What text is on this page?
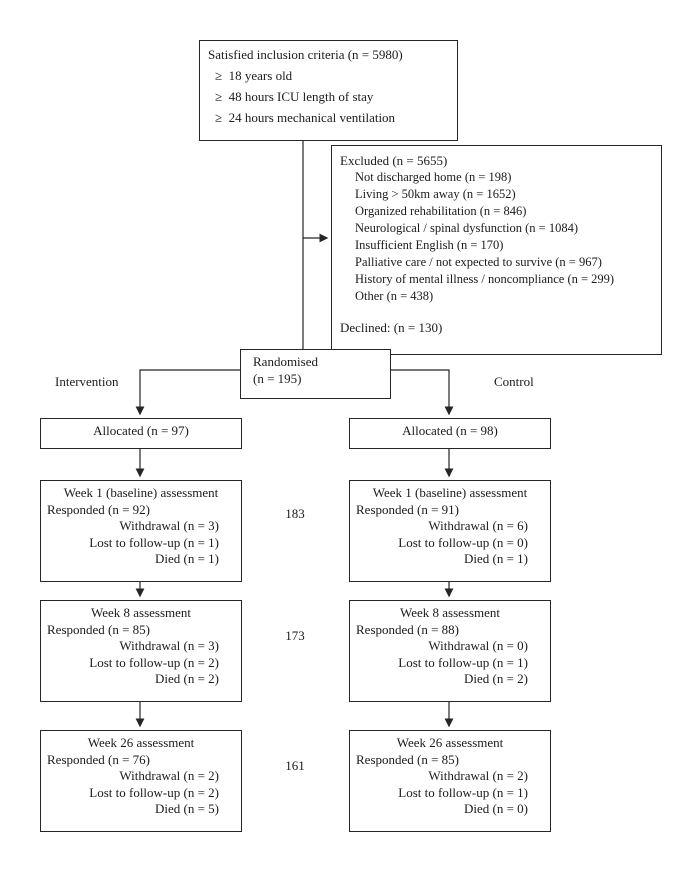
Satisfied inclusion criteria (n = 5980)
≥  18 years old
≥  48 hours ICU length of stay
≥  24 hours mechanical ventilation
Excluded (n = 5655)
Not discharged home (n = 198)
Living > 50km away (n = 1652)
Organized rehabilitation (n = 846)
Neurological / spinal dysfunction (n = 1084)
Insufficient English (n = 170)
Palliative care / not expected to survive (n = 967)
History of mental illness / noncompliance (n = 299)
Other (n = 438)
Declined: (n = 130)
Randomised
(n = 195)
Intervention	Control
Allocated (n = 97)	Allocated (n = 98)
Week 1 (baseline) assessment
Responded (n = 92)
Withdrawal (n = 3)
Lost to follow-up (n = 1)
Died (n = 1)
183
Week 1 (baseline) assessment
Responded (n = 91)
Withdrawal (n = 6)
Lost to follow-up (n = 0)
Died (n = 1)
Week 8 assessment
Responded (n = 85)
Withdrawal (n = 3)
Lost to follow-up (n = 2)
Died (n = 2)
173
Week 8 assessment
Responded (n = 88)
Withdrawal (n = 0)
Lost to follow-up (n = 1)
Died (n = 2)
Week 26 assessment
Responded (n = 76)
Withdrawal (n = 2)
Lost to follow-up (n = 2)
Died (n = 5)
161
Week 26 assessment
Responded (n = 85)
Withdrawal (n = 2)
Lost to follow-up (n = 1)
Died (n = 0)
